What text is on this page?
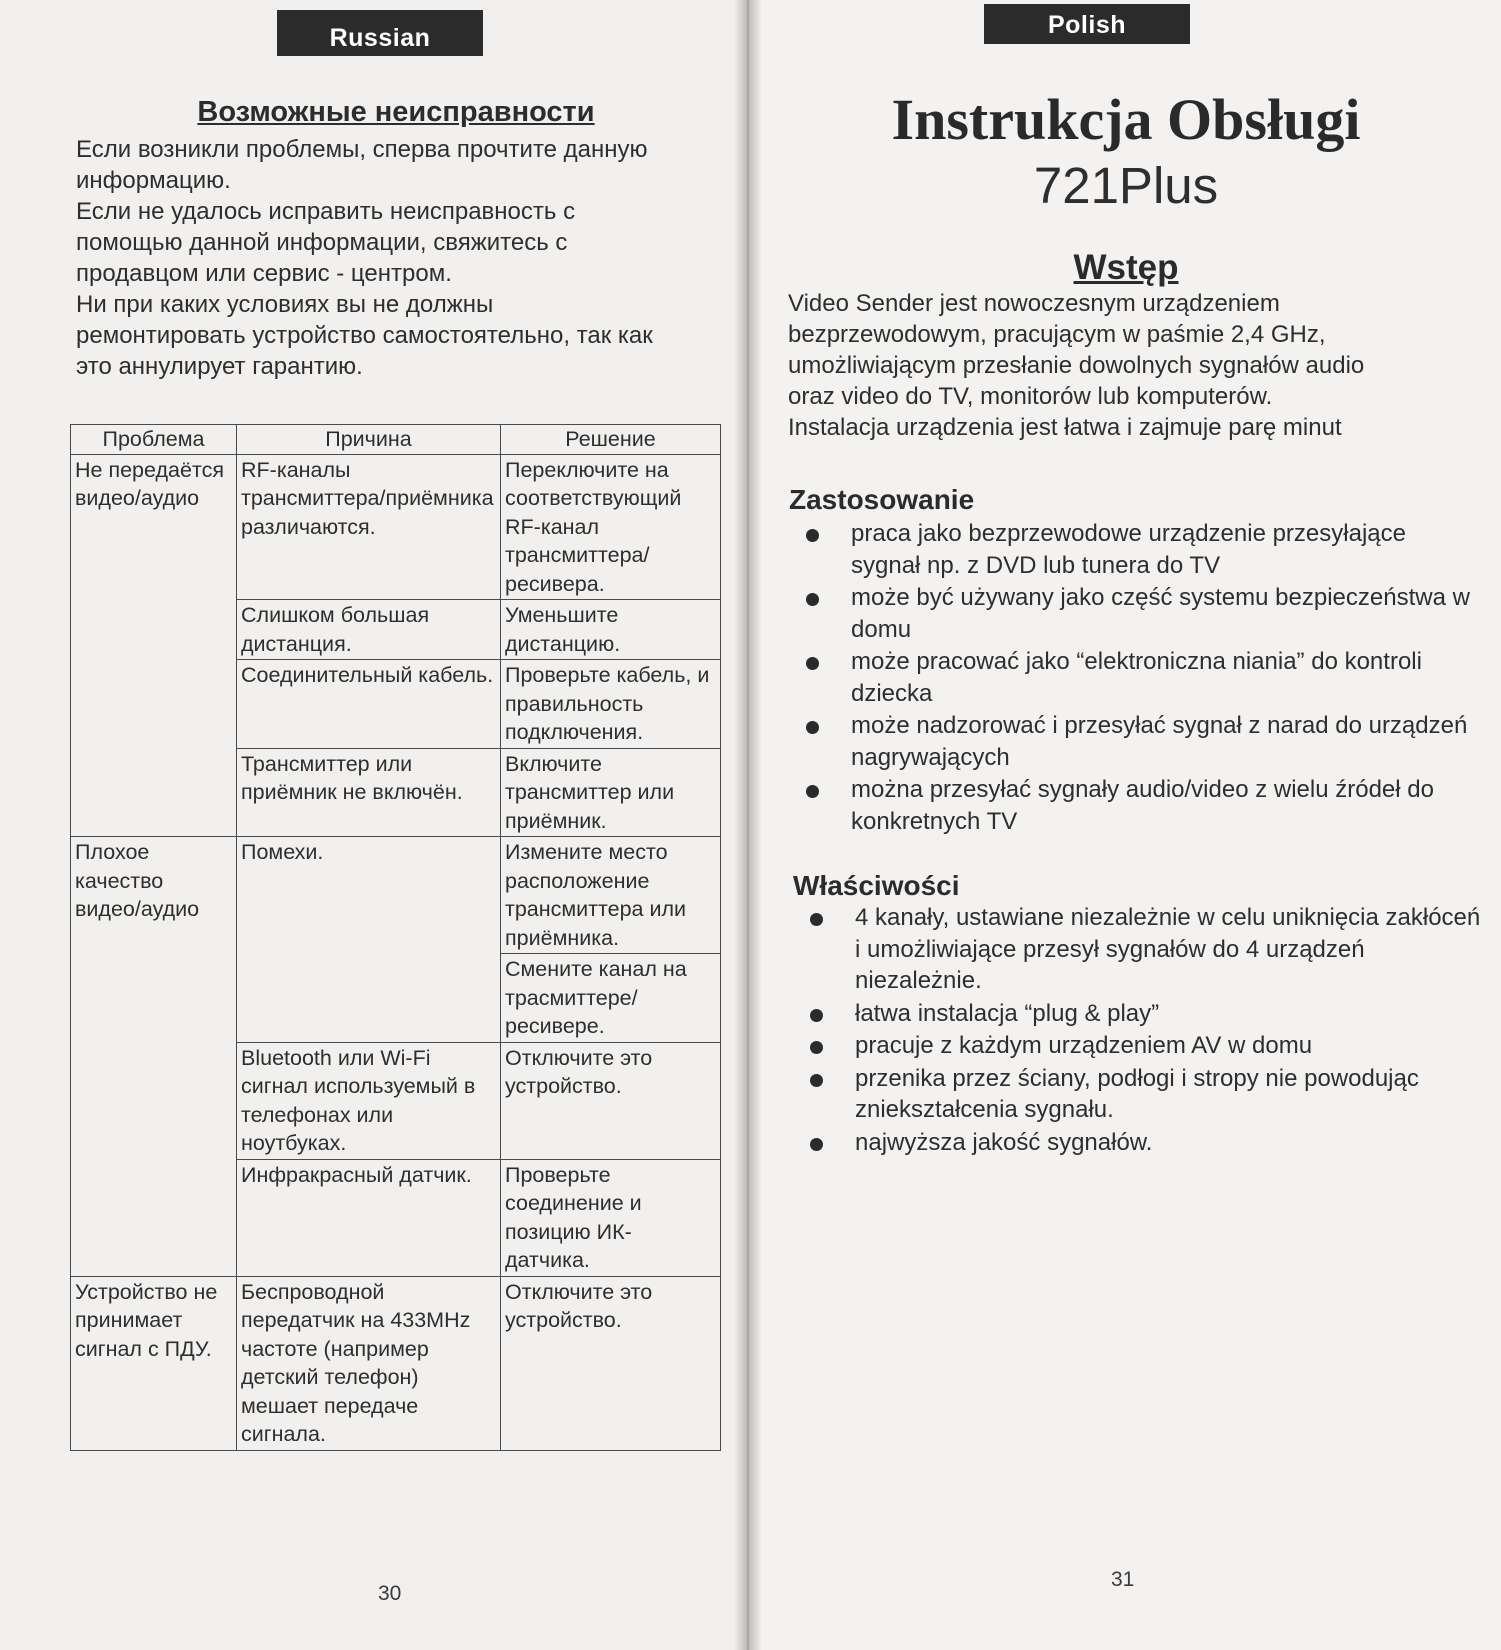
Russian
Возможные неисправности

Если возникли проблемы, сперва прочтите данную

информацию.

Если не удалось исправить неисправность с

помощью данной информации, свяжитесь с

продавцом или сервис - центром.

Ни при каких условиях вы не должны

ремонтировать устройство самостоятельно, так как

это аннулирует гарантию.

Проблема	Причина	Решение
Не передаётся видео/аудио	RF-каналы трансмиттера/приёмника различаются.	Переключите на соответствующий RF-канал трансмиттера/ресивера.
	Слишком большая дистанция.	Уменьшите дистанцию.
	Соединительный кабель.	Проверьте кабель, и правильность подключения.
	Трансмиттер или приёмник не включён.	Включите трансмиттер или приёмник.
Плохое качество видео/аудио	Помехи.	Измените место расположение трансмиттера или приёмника.
		Смените канал на трасмиттере/ресивере.
	Bluetooth или Wi-Fi сигнал используемый в телефонах или ноутбуках.	Отключите это устройство.
	Инфракрасный датчик.	Проверьте соединение и позицию ИК-датчика.
Устройство не принимает сигнал с ПДУ.	Беспроводной передатчик на 433MHz частоте (например детский телефон) мешает передаче сигнала.	Отключите это устройство.
30
Polish
Instrukcja Obsługi
721Plus
Wstęp
Video Sender jest nowoczesnym urządzeniem
bezprzewodowym, pracującym w paśmie 2,4 GHz,
umożliwiającym przesłanie dowolnych sygnałów audio
oraz video do TV, monitorów lub komputerów.
Instalacja urządzenia jest łatwa i zajmuje parę minut
Zastosowanie
praca jako bezprzewodowe urządzenie przesyłające sygnał np. z DVD lub tunera do TV
może być używany jako część systemu bezpieczeństwa w domu
może pracować jako “elektroniczna niania” do kontroli dziecka
może nadzorować i przesyłać sygnał z narad do urządzeń nagrywających
można przesyłać sygnały audio/video z wielu źródeł do konkretnych TV
Właściwości
4 kanały, ustawiane niezależnie w celu uniknięcia zakłóceń i umożliwiające przesył sygnałów do 4 urządzeń niezależnie.
łatwa instalacja “plug & play”
pracuje z każdym urządzeniem AV w domu
przenika przez ściany, podłogi i stropy nie powodując zniekształcenia sygnału.
najwyższa jakość sygnałów.
31
